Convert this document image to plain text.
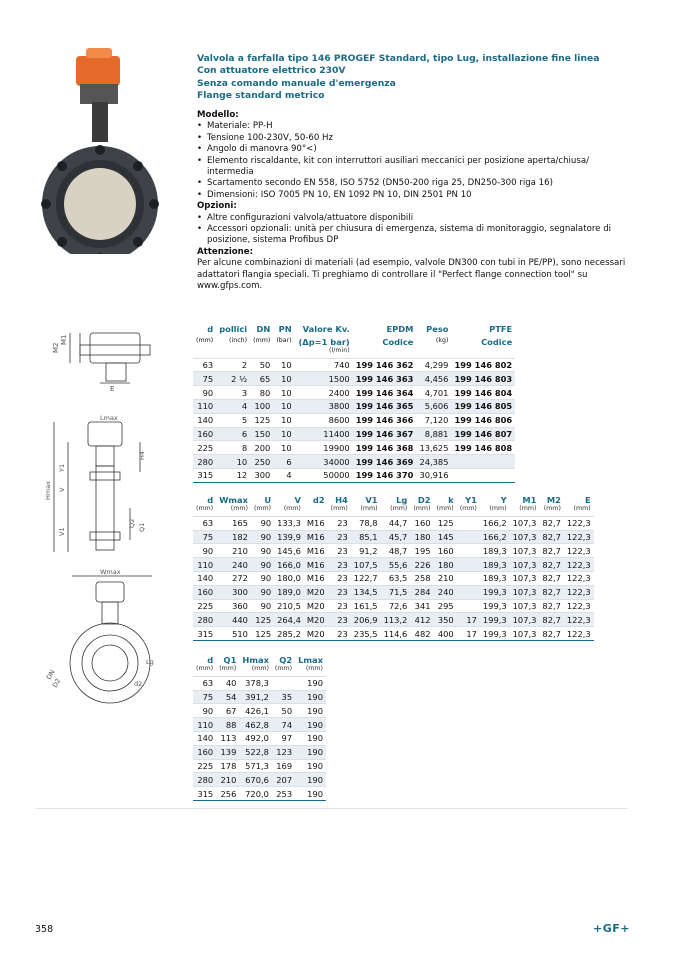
M2
M1
E
Lmax
Hmax
Y1
V
V1
H4
Q2 Q1
Wmax
D2
DN
d2
Lg
Valvola a farfalla tipo 146 PROGEF Standard, tipo Lug, installazione fine linea
Con attuatore elettrico 230V
Senza comando manuale d'emergenza
Flange standard metrico
Modello:
• Materiale: PP-H
• Tensione 100-230V, 50-60 Hz
• Angolo di manovra 90°<)
• Elemento riscaldante, kit con interruttori ausiliari meccanici per posizione aperta/chiusa/ intermedia
• Scartamento secondo EN 558, ISO 5752 (DN50-200 riga 25, DN250-300 riga 16)
• Dimensioni: ISO 7005 PN 10, EN 1092 PN 10, DIN 2501 PN 10
Opzioni:
• Altre configurazioni valvola/attuatore disponibili
• Accessori opzionali: unità per chiusura di emergenza, sistema di monitoraggio, segnalatore di posizione, sistema Profibus DP
Attenzione:

Per alcune combinazioni di materiali (ad esempio, valvole DN300 con tubi in PE/PP), sono necessari adattatori flangia speciali. Ti preghiamo di controllare il "Perfect flange connection tool" su www.gfps.com.

d	pollici	DN	PN	Valore Kv.	EPDM	Peso	PTFE
(mm)	(inch)	(mm)	(bar)	(Δp=1 bar)	Codice	(kg)	Codice
				(l/min)			
63	2	50	10	740	199 146 362	4,299	199 146 802
75	2 ½	65	10	1500	199 146 363	4,456	199 146 803
90	3	80	10	2400	199 146 364	4,701	199 146 804
110	4	100	10	3800	199 146 365	5,606	199 146 805
140	5	125	10	8600	199 146 366	7,120	199 146 806
160	6	150	10	11400	199 146 367	8,881	199 146 807
225	8	200	10	19900	199 146 368	13,625	199 146 808
280	10	250	6	34000	199 146 369	24,385	
315	12	300	4	50000	199 146 370	30,916	
d	Wmax	U	V	d2	H4	V1	Lg	D2	k	Y1	Y	M1	M2	E
(mm)	(mm)	(mm)	(mm)		(mm)	(mm)	(mm)	(mm)	(mm)	(mm)	(mm)	(mm)	(mm)	(mm)
63	165	90	133,3	M16	23	78,8	44,7	160	125		166,2	107,3	82,7	122,3
75	182	90	139,9	M16	23	85,1	45,7	180	145		166,2	107,3	82,7	122,3
90	210	90	145,6	M16	23	91,2	48,7	195	160		189,3	107,3	82,7	122,3
110	240	90	166,0	M16	23	107,5	55,6	226	180		189,3	107,3	82,7	122,3
140	272	90	180,0	M16	23	122,7	63,5	258	210		189,3	107,3	82,7	122,3
160	300	90	189,0	M20	23	134,5	71,5	284	240		199,3	107,3	82,7	122,3
225	360	90	210,5	M20	23	161,5	72,6	341	295		199,3	107,3	82,7	122,3
280	440	125	264,4	M20	23	206,9	113,2	412	350	17	199,3	107,3	82,7	122,3
315	510	125	285,2	M20	23	235,5	114,6	482	400	17	199,3	107,3	82,7	122,3
d	Q1	Hmax	Q2	Lmax
(mm)	(mm)	(mm)	(mm)	(mm)
63	40	378,3		190
75	54	391,2	35	190
90	67	426,1	50	190
110	88	462,8	74	190
140	113	492,0	97	190
160	139	522,8	123	190
225	178	571,3	169	190
280	210	670,6	207	190
315	256	720,0	253	190
358	+GF+
